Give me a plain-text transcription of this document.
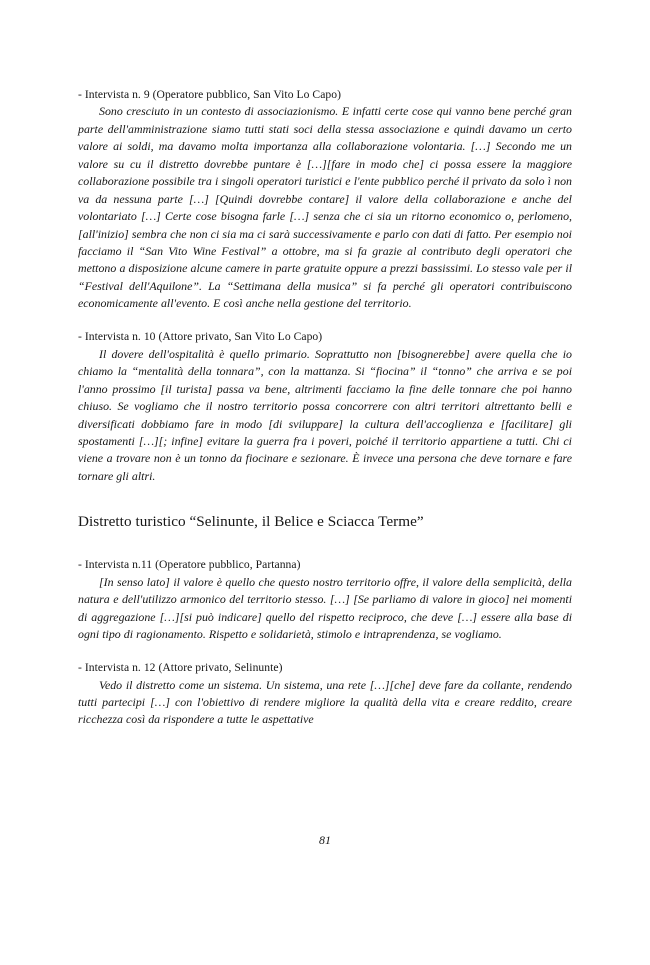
- Intervista n. 9 (Operatore pubblico, San Vito Lo Capo)

Sono cresciuto in un contesto di associazionismo. E infatti certe cose qui vanno bene perché gran parte dell'amministrazione siamo tutti stati soci della stessa associazione e quindi davamo un certo valore ai soldi, ma davamo molta importanza alla collaborazione volontaria. […] Secondo me un valore su cu il distretto dovrebbe puntare è […][fare in modo che] ci possa essere la maggiore collaborazione possibile tra i singoli operatori turistici e l'ente pubblico perché il privato da solo ì non va da nessuna parte […] [Quindi dovrebbe contare] il valore della collaborazione e anche del volontariato […] Certe cose bisogna farle […] senza che ci sia un ritorno economico o, perlomeno, [all'inizio] sembra che non ci sia ma ci sarà successivamente e parlo con dati di fatto. Per esempio noi facciamo il “San Vito Wine Festival” a ottobre, ma si fa grazie al contributo degli operatori che mettono a disposizione alcune camere in parte gratuite oppure a prezzi bassissimi. Lo stesso vale per il “Festival dell'Aquilone”. La “Settimana della musica” si fa perché gli operatori contribuiscono economicamente all'evento. E così anche nella gestione del territorio.

- Intervista n. 10 (Attore privato, San Vito Lo Capo)

Il dovere dell'ospitalità è quello primario. Soprattutto non [bisognerebbe] avere quella che io chiamo la “mentalità della tonnara”, con la mattanza. Si “fiocina” il “tonno” che arriva e se poi l'anno prossimo [il turista] passa va bene, altrimenti facciamo la fine delle tonnare che poi hanno chiuso. Se vogliamo che il nostro territorio possa concorrere con altri territori altrettanto belli e diversificati dobbiamo fare in modo [di sviluppare] la cultura dell'accoglienza e [facilitare] gli spostamenti […][; infine] evitare la guerra fra i poveri, poiché il territorio appartiene a tutti. Chi ci viene a trovare non è un tonno da fiocinare e sezionare. È invece una persona che deve tornare e fare tornare gli altri.

Distretto turistico “Selinunte, il Belice e Sciacca Terme”

- Intervista n.11 (Operatore pubblico, Partanna)

[In senso lato] il valore è quello che questo nostro territorio offre, il valore della semplicità, della natura e dell'utilizzo armonico del territorio stesso. […] [Se parliamo di valore in gioco] nei momenti di aggregazione […][si può indicare] quello del rispetto reciproco, che deve […] essere alla base di ogni tipo di ragionamento. Rispetto e solidarietà, stimolo e intraprendenza, se vogliamo.

- Intervista n. 12 (Attore privato, Selinunte)

Vedo il distretto come un sistema. Un sistema, una rete […][che] deve fare da collante, rendendo tutti partecipi […] con l'obiettivo di rendere migliore la qualità della vita e creare reddito, creare ricchezza così da rispondere a tutte le aspettative

81
